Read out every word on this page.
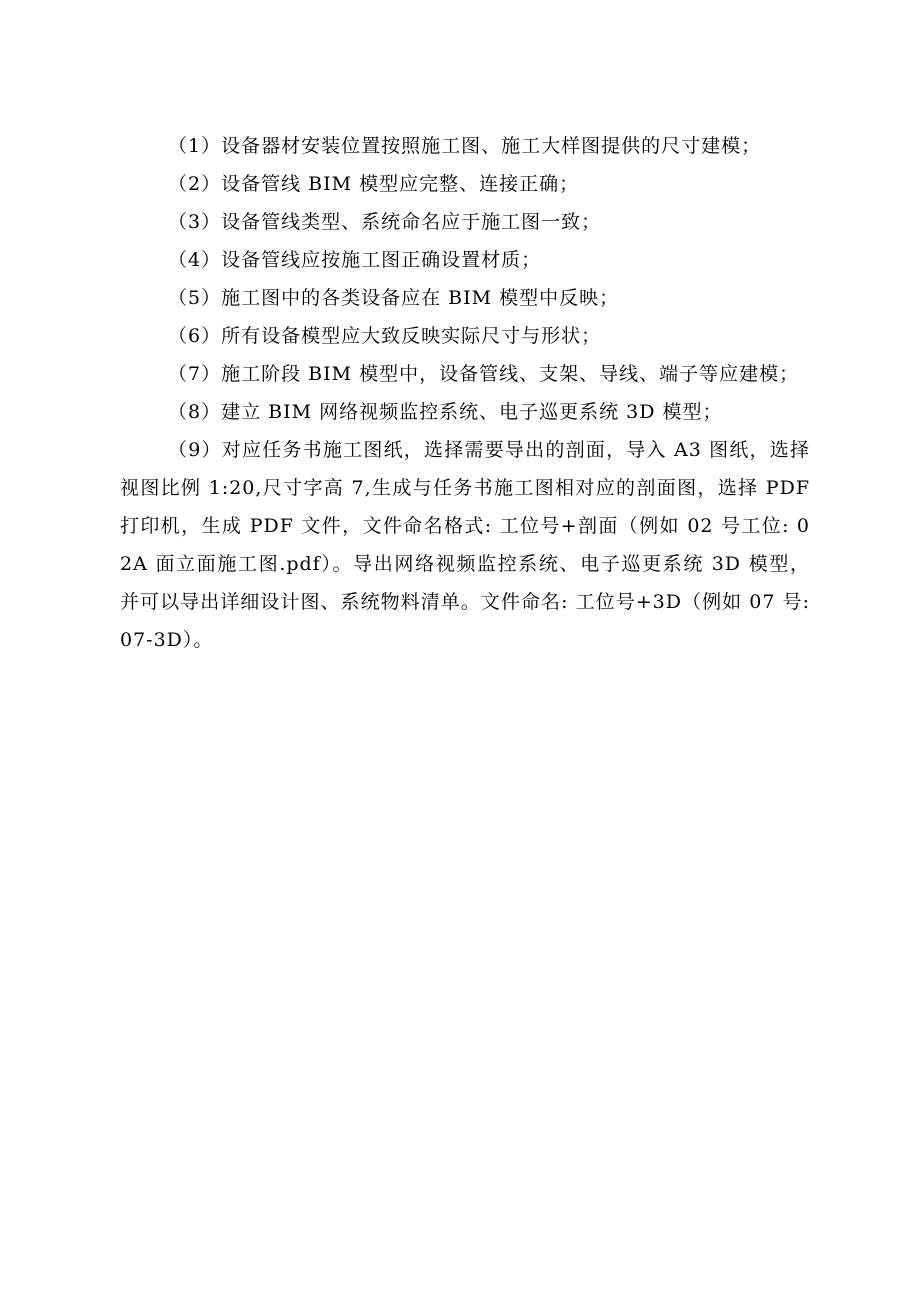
（1）设备器材安装位置按照施工图、施工大样图提供的尺寸建模；

（2）设备管线 BIM 模型应完整、连接正确；

（3）设备管线类型、系统命名应于施工图一致；

（4）设备管线应按施工图正确设置材质；

（5）施工图中的各类设备应在 BIM 模型中反映；

（6）所有设备模型应大致反映实际尺寸与形状；

（7）施工阶段 BIM 模型中，设备管线、支架、导线、端子等应建模；

（8）建立 BIM 网络视频监控系统、电子巡更系统 3D 模型；

（9）对应任务书施工图纸，选择需要导出的剖面，导入 A3 图纸，选择视图比例 1:20,尺寸字高 7,生成与任务书施工图相对应的剖面图，选择 PDF 打印机，生成 PDF 文件，文件命名格式: 工位号+剖面（例如 02 号工位: 02A 面立面施工图.pdf）。导出网络视频监控系统、电子巡更系统 3D 模型，并可以导出详细设计图、系统物料清单。文件命名: 工位号+3D（例如 07 号: 07-3D）。
